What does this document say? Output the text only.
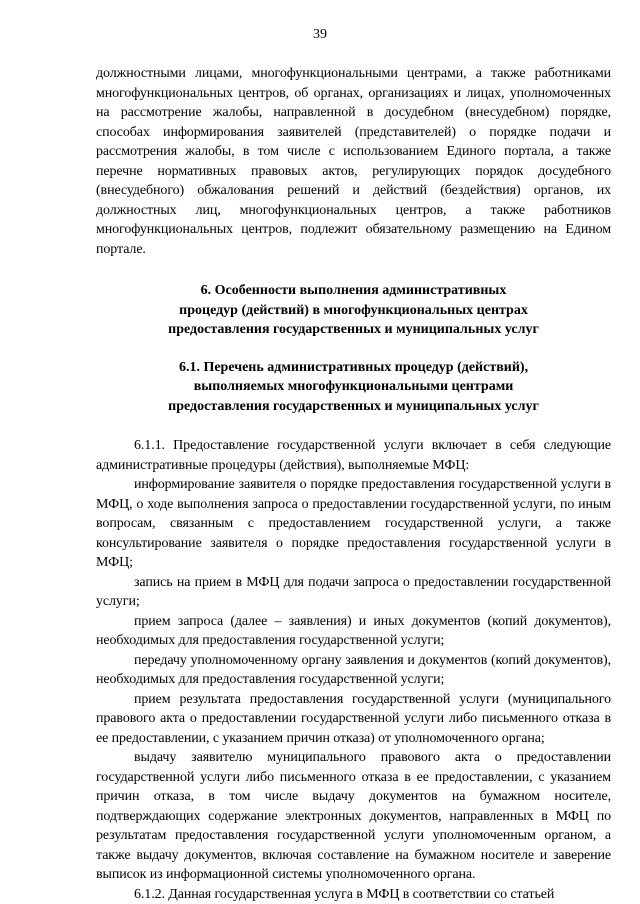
39

должностными лицами, многофункциональными центрами, а также работниками многофункциональных центров, об органах, организациях и лицах, уполномоченных на рассмотрение жалобы, направленной в досудебном (внесудебном) порядке, способах информирования заявителей (представителей) о порядке подачи и рассмотрения жалобы, в том числе с использованием Единого портала, а также перечне нормативных правовых актов, регулирующих порядок досудебного (внесудебного) обжалования решений и действий (бездействия) органов, их должностных лиц, многофункциональных центров, а также работников многофункциональных центров, подлежит обязательному размещению на Едином портале.

6. Особенности выполнения административных

процедур (действий) в многофункциональных центрах

предоставления государственных и муниципальных услуг

6.1. Перечень административных процедур (действий),

выполняемых многофункциональными центрами

предоставления государственных и муниципальных услуг

6.1.1. Предоставление государственной услуги включает в себя следующие административные процедуры (действия), выполняемые МФЦ:

информирование заявителя о порядке предоставления государственной услуги в МФЦ, о ходе выполнения запроса о предоставлении государственной услуги, по иным вопросам, связанным с предоставлением государственной услуги, а также консультирование заявителя о порядке предоставления государственной услуги в МФЦ;

запись на прием в МФЦ для подачи запроса о предоставлении государственной услуги;

прием запроса (далее – заявления) и иных документов (копий документов), необходимых для предоставления государственной услуги;

передачу уполномоченному органу заявления и документов (копий документов), необходимых для предоставления государственной услуги;

прием результата предоставления государственной услуги (муниципального правового акта о предоставлении государственной услуги либо письменного отказа в ее предоставлении, с указанием причин отказа) от уполномоченного органа;

выдачу заявителю муниципального правового акта о предоставлении государственной услуги либо письменного отказа в ее предоставлении, с указанием причин отказа, в том числе выдачу документов на бумажном носителе, подтверждающих содержание электронных документов, направленных в МФЦ по результатам предоставления государственной услуги уполномоченным органом, а также выдачу документов, включая составление на бумажном носителе и заверение выписок из информационной системы уполномоченного органа.

6.1.2. Данная государственная услуга в МФЦ в соответствии со статьей
